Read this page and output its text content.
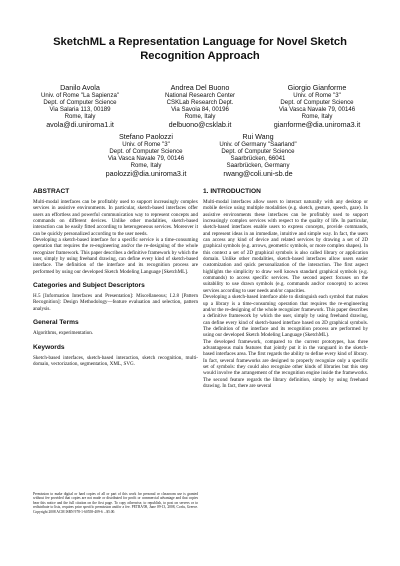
SketchML a Representation Language for Novel Sketch Recognition Approach
Danilo Avola
Univ. of Rome "La Sapienza"
Dept. of Computer Science
Via Salaria 113, 00189
Rome, Italy
avola@di.uniroma1.it
Andrea Del Buono
National Research Center
CSKLab Research Dept.
Via Savoia 84, 00196
Rome, Italy
delbuono@csklab.it
Giorgio Gianforme
Univ. of Rome "3"
Dept. of Computer Science
Via Vasca Navale 79, 00146
Rome, Italy
gianforme@dia.uniroma3.it
Stefano Paolozzi
Univ. of Rome "3"
Dept. of Computer Science
Via Vasca Navale 79, 00146
Rome, Italy
paolozzi@dia.uniroma3.it
Rui Wang
Univ. of Germany "Saarland"
Dept. of Computer Science
Saarbrücken, 66041
Saarbrücken, Germany
rwang@coli.uni-sb.de
ABSTRACT

Multi-modal interfaces can be profitably used to support increasingly complex services in assistive environments. In particular, sketch-based interfaces offer users an effortless and powerful communication way to represent concepts and commands on different devices. Unlike other modalities, sketch-based interaction can be easily fitted according to heterogeneous services. Moreover it can be quickly personalized according to the user needs.

Developing a sketch-based interface for a specific service is a time-consuming operation that requires the re-engineering and/or the re-designing of the whole recognizer framework. This paper describes a definitive framework by which the user, simply by using freehand drawing, can define every kind of sketch-based interface. The definition of the interface and its recognition process are performed by using our developed Sketch Modeling Language [SketchML].

Categories and Subject Descriptors

H.5 [Information Interfaces and Presentation]: Miscellaneous; I.2.8 [Pattern Recognition]: Design Methodology—feature evaluation and selection, pattern analysis.

General Terms

Algorithms, experimentation.

Keywords

Sketch-based interfaces, sketch-based interaction, sketch recognition, multi-domain, vectorization, segmentation, XML, SVG.

Permission to make digital or hard copies of all or part of this work for personal or classroom use is granted without fee provided that copies are not made or distributed for profit or commercial advantage and that copies bear this notice and the full citation on the first page. To copy otherwise, to republish, to post on servers or to redistribute to lists, requires prior specific permission and/or a fee. PETRA'08, June 09-13, 2008, Corfu, Greece. Copyright 2008 ACM ISBN 978-1-60558-409-6 ...$5.00.
1. INTRODUCTION

Multi-modal interfaces allow users to interact naturally with any desktop or mobile device using multiple modalities (e.g. sketch, gesture, speech, gaze). In assistive environments these interfaces can be profitably used to support increasingly complex services with respect to the quality of life. In particular, sketch-based interfaces enable users to express concepts, provide commands, and represent ideas in an immediate, intuitive and simple way. In fact, the users can access any kind of device and related services by drawing a set of 2D graphical symbols (e.g. arrows, geometric symbols, or more complex shapes). In this context a set of 2D graphical symbols is also called library or application domain. Unlike other modalities, sketch-based interfaces allow users easier customization and quick personalization of the interaction. The first aspect highlights the simplicity to draw well known standard graphical symbols (e.g. commands) to access specific services. The second aspect focuses on the suitability to use drawn symbols (e.g. commands and/or concepts) to access services according to user needs and/or capacities.

Developing a sketch-based interface able to distinguish each symbol that makes up a library is a time-consuming operation that requires the re-engineering and/or the re-designing of the whole recognizer framework. This paper describes a definitive framework by which the user, simply by using freehand drawing, can define every kind of sketch-based interface based on 2D graphical symbols. The definition of the interface and its recognition process are performed by using our developed Sketch Modeling Language (SketchML).

The developed framework, compared to the current prototypes, has three advantageous main features that jointly put it in the vanguard in the sketch-based interfaces area. The first regards the ability to define every kind of library. In fact, several frameworks are designed to properly recognize only a specific set of symbols: they could also recognize other kinds of libraries but this step would involve the arrangement of the recognition engine inside the frameworks. The second feature regards the library definition, simply by using freehand drawing. In fact, there are several
